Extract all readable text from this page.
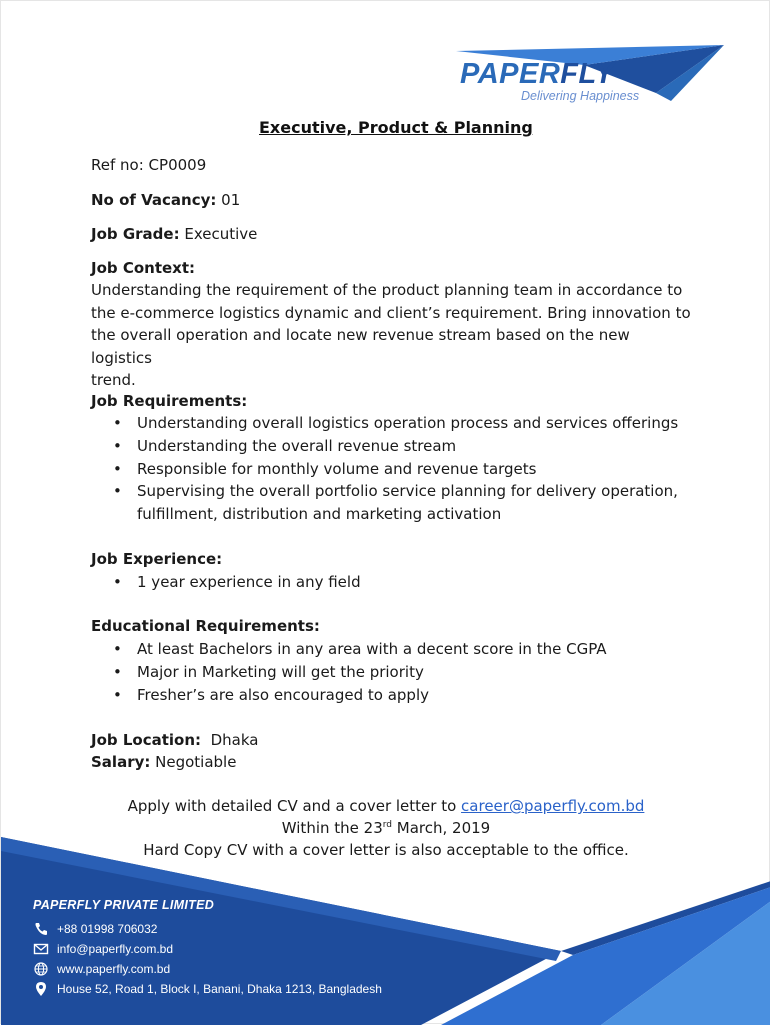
PAPERFLY
Delivering Happiness
Executive, Product & Planning
Ref no: CP0009
No of Vacancy: 01
Job Grade: Executive
Job Context:
Understanding the requirement of the product planning team in accordance to
the e-commerce logistics dynamic and client’s requirement. Bring innovation to
the overall operation and locate new revenue stream based on the new logistics
trend.
Job Requirements:
• Understanding overall logistics operation process and services offerings
• Understanding the overall revenue stream
• Responsible for monthly volume and revenue targets
• Supervising the overall portfolio service planning for delivery operation,
fulfillment, distribution and marketing activation
Job Experience:
• 1 year experience in any field
Educational Requirements:
• At least Bachelors in any area with a decent score in the CGPA
• Major in Marketing will get the priority
• Fresher’s are also encouraged to apply
Job Location:  Dhaka
Salary: Negotiable
Apply with detailed CV and a cover letter to career@paperfly.com.bd
Within the 23rd March, 2019
Hard Copy CV with a cover letter is also acceptable to the office.
PAPERFLY PRIVATE LIMITED
+88 01998 706032
info@paperfly.com.bd
www.paperfly.com.bd
House 52, Road 1, Block I, Banani, Dhaka 1213, Bangladesh
